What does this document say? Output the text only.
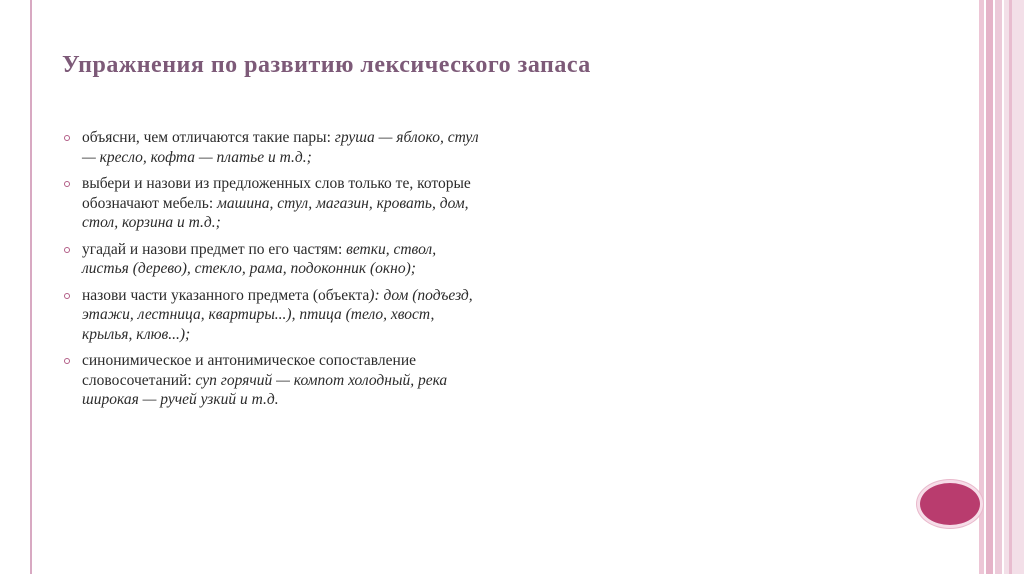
Упражнения по развитию лексического запаса
объясни, чем отличаются такие пары: груша — яблоко, стул — кресло, кофта — платье и т.д.;
выбери и назови из предложенных слов только те, которые обозначают мебель: машина, стул, магазин, кровать, дом, стол, корзина и т.д.;
угадай и назови предмет по его частям: ветки, ствол, листья (дерево), стекло, рама, подоконник (окно);
назови части указанного предмета (объекта): дом (подъезд, этажи, лестница, квартиры...), птица (тело, хвост, крылья, клюв...);
синонимическое и антонимическое сопоставление словосочетаний: суп горячий — компот холодный, река широкая — ручей узкий и т.д.
